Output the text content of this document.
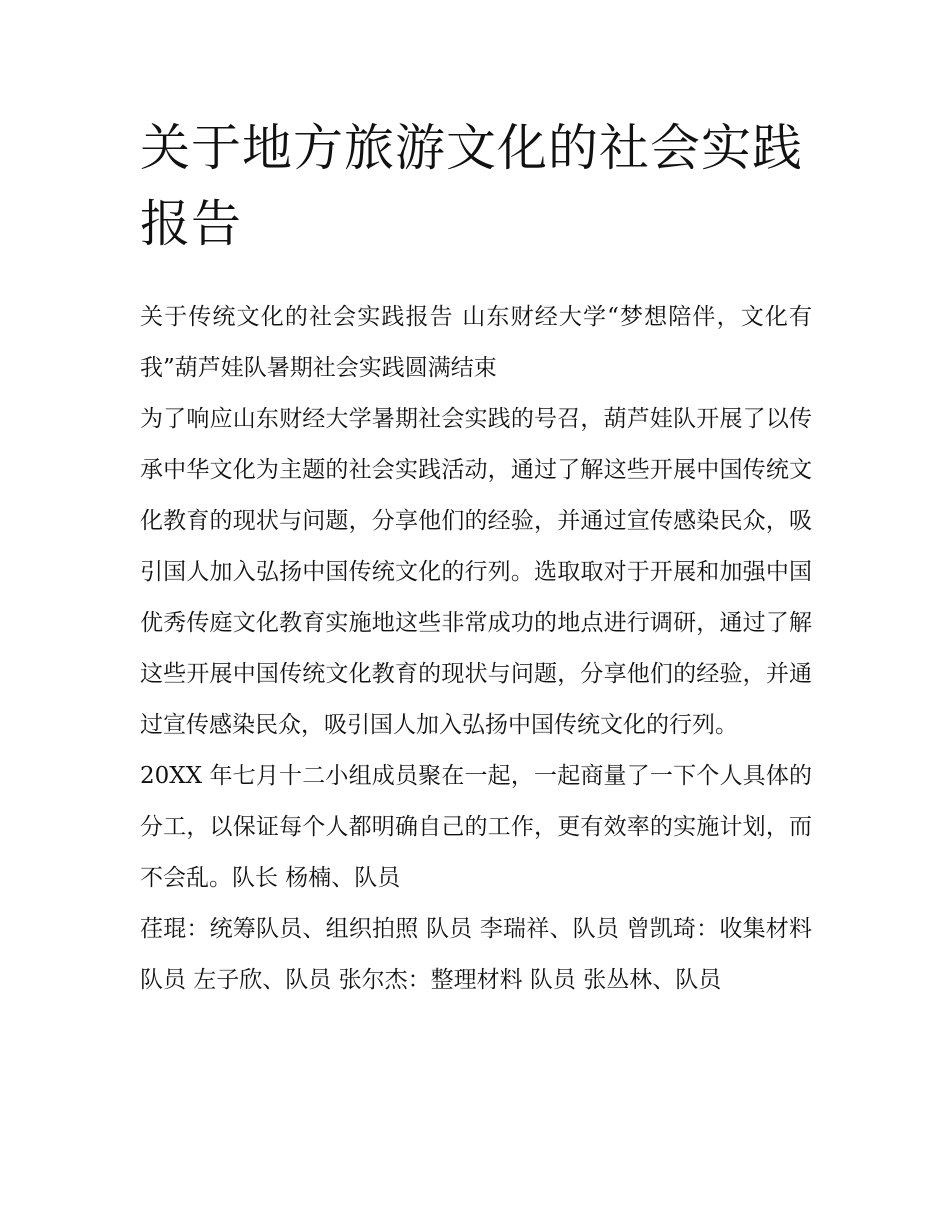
关于地方旅游文化的社会实践报告

关于传统文化的社会实践报告 山东财经大学“梦想陪伴，文化有我”葫芦娃队暑期社会实践圆满结束

为了响应山东财经大学暑期社会实践的号召，葫芦娃队开展了以传承中华文化为主题的社会实践活动，通过了解这些开展中国传统文化教育的现状与问题，分享他们的经验，并通过宣传感染民众，吸引国人加入弘扬中国传统文化的行列。选取取对于开展和加强中国优秀传庭文化教育实施地这些非常成功的地点进行调研，通过了解这些开展中国传统文化教育的现状与问题，分享他们的经验，并通过宣传感染民众，吸引国人加入弘扬中国传统文化的行列。

20XX 年七月十二小组成员聚在一起，一起商量了一下个人具体的分工，以保证每个人都明确自己的工作，更有效率的实施计划，而不会乱。队长 杨楠、队员

荏琨：统筹队员、组织拍照 队员 李瑞祥、队员 曾凯琦：收集材料队员 左子欣、队员 张尔杰：整理材料 队员 张丛林、队员
